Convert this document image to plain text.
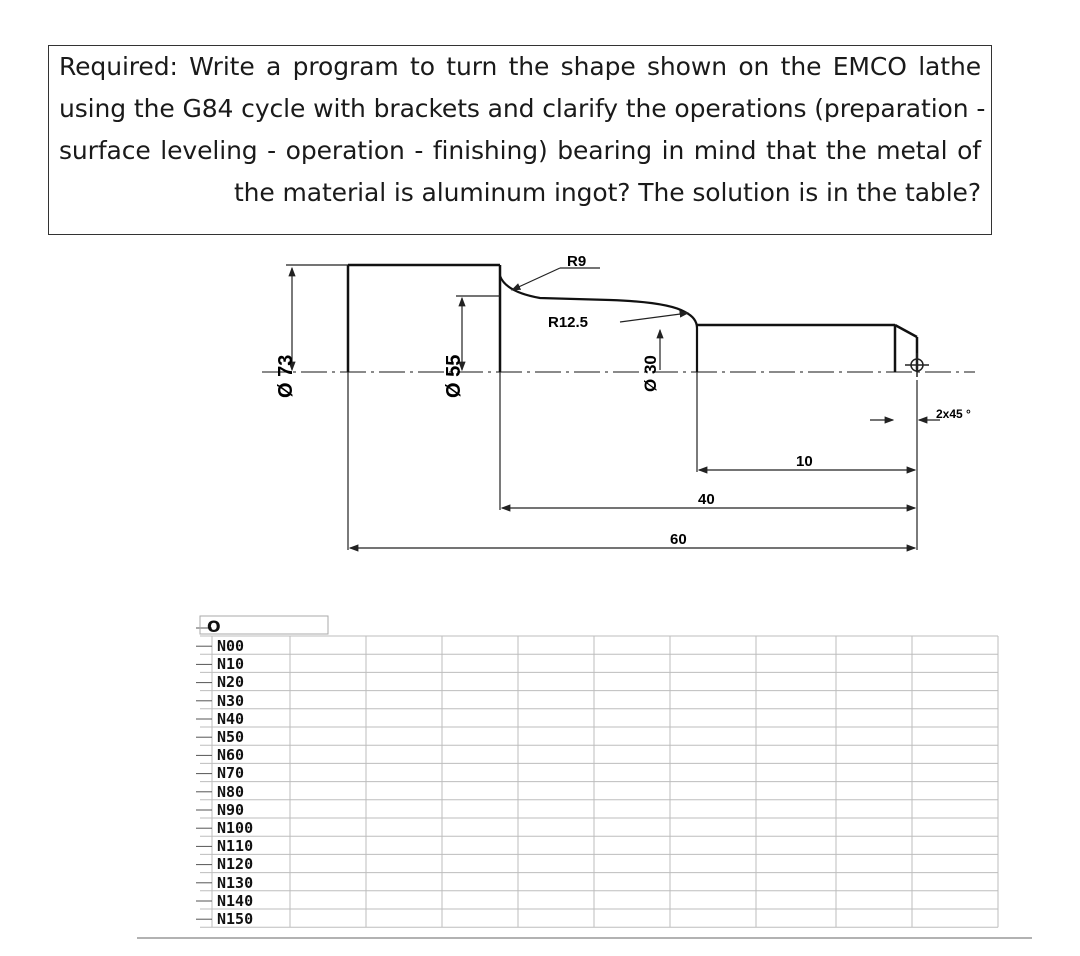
Required: Write a program to turn the shape shown on the EMCO lathe
using the G84 cycle with brackets and clarify the operations (preparation -
surface leveling - operation - finishing) bearing in mind that the metal of
the material is aluminum ingot? The solution is in the table?
Ø 73	Ø 55	Ø 30
R9
R12.5
2x45 °
10
40
60
O
N00
N10
N20
N30
N40
N50
N60
N70
N80
N90
N100
N110
N120
N130
N140
N150
